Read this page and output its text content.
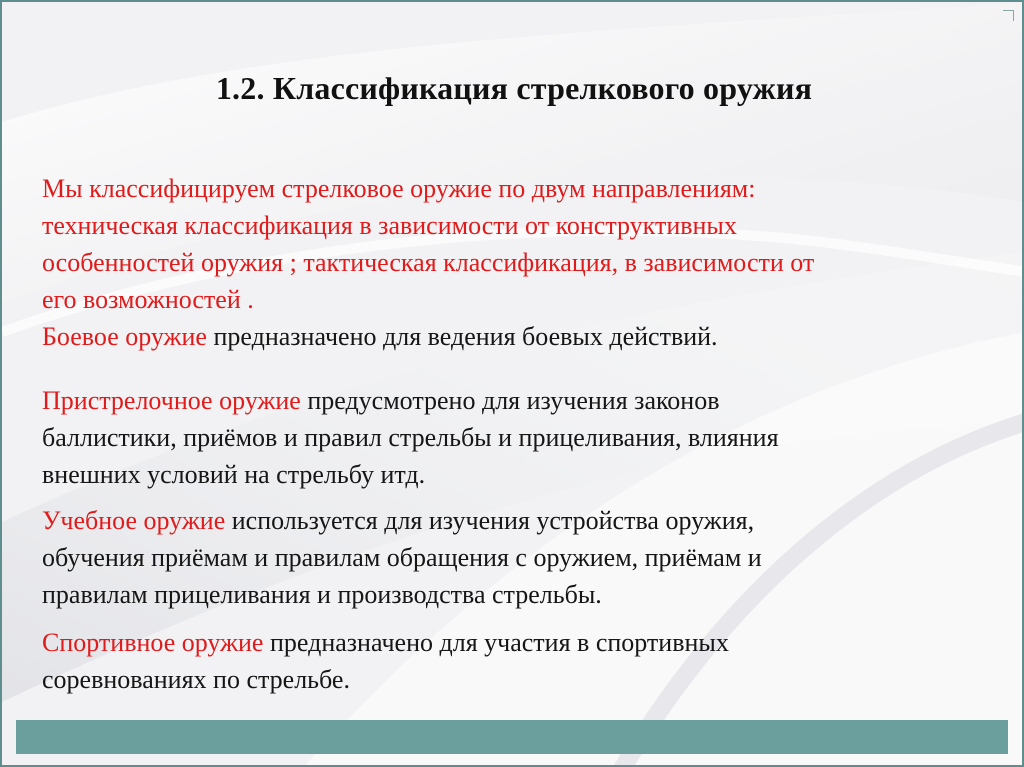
1.2. Классификация стрелкового оружия

Мы классифицируем стрелковое оружие по двум направлениям:
техническая классификация в зависимости от конструктивных
особенностей оружия ; тактическая классификация, в зависимости от
его возможностей .

Боевое оружие предназначено для ведения боевых действий.

Пристрелочное оружие предусмотрено для изучения законов
баллистики, приёмов и правил стрельбы и прицеливания, влияния
внешних условий на стрельбу итд.

Учебное оружие используется для изучения устройства оружия,
обучения приёмам и правилам обращения с оружием, приёмам и
правилам прицеливания и производства стрельбы.

Спортивное оружие предназначено для участия в спортивных
соревнованиях по стрельбе.
